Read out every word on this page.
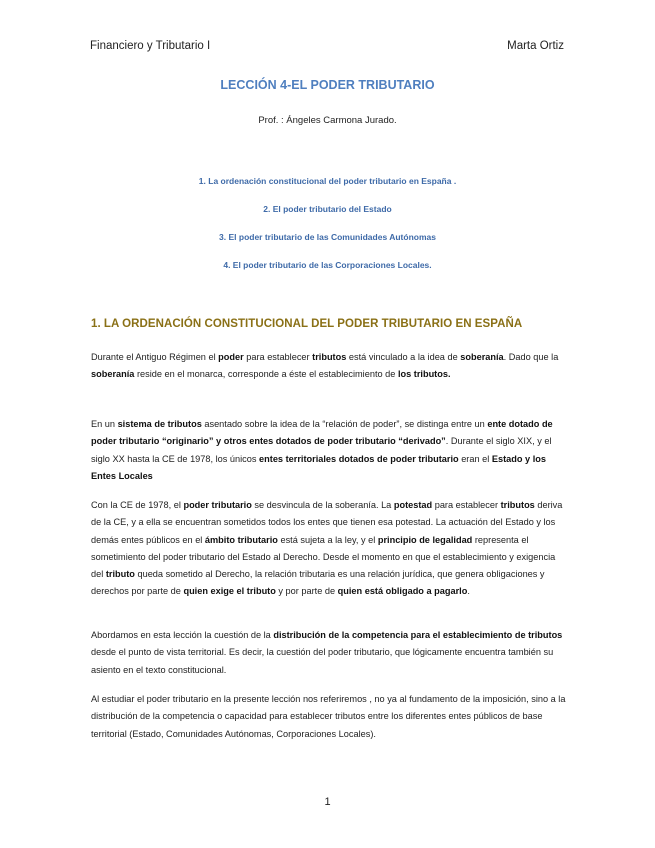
Financiero y Tributario I	Marta Ortiz
LECCIÓN 4-EL PODER TRIBUTARIO
Prof. : Ángeles Carmona Jurado.
1. La ordenación constitucional del poder tributario en España .
2. El poder tributario del Estado
3. El poder tributario de las Comunidades Autónomas
4. El poder tributario de las Corporaciones Locales.
1. LA ORDENACIÓN CONSTITUCIONAL DEL PODER TRIBUTARIO EN ESPAÑA

Durante el Antiguo Régimen el poder para establecer tributos está vinculado a la idea de soberanía. Dado que la soberanía reside en el monarca, corresponde a éste el establecimiento de los tributos.

En un sistema de tributos asentado sobre la idea de la “relación de poder”, se distinga entre un ente dotado de poder tributario “originario” y otros entes dotados de poder tributario “derivado”. Durante el siglo XIX, y el siglo XX hasta la CE de 1978, los únicos entes territoriales dotados de poder tributario eran el Estado y los Entes Locales

Con la CE de 1978, el poder tributario se desvincula de la soberanía. La potestad para establecer tributos deriva de la CE, y a ella se encuentran sometidos todos los entes que tienen esa potestad. La actuación del Estado y los demás entes públicos en el ámbito tributario está sujeta a la ley, y el principio de legalidad representa el sometimiento del poder tributario del Estado al Derecho. Desde el momento en que el establecimiento y exigencia del tributo queda sometido al Derecho, la relación tributaria es una relación jurídica, que genera obligaciones y derechos por parte de quien exige el tributo y por parte de quien está obligado a pagarlo.

Abordamos en esta lección la cuestión de la distribución de la competencia para el establecimiento de tributos desde el punto de vista territorial. Es decir, la cuestión del poder tributario, que lógicamente encuentra también su asiento en el texto constitucional.

Al estudiar el poder tributario en la presente lección nos referiremos , no ya al fundamento de la imposición, sino a la distribución de la competencia o capacidad para establecer tributos entre los diferentes entes públicos de base territorial (Estado, Comunidades Autónomas, Corporaciones Locales).

1
